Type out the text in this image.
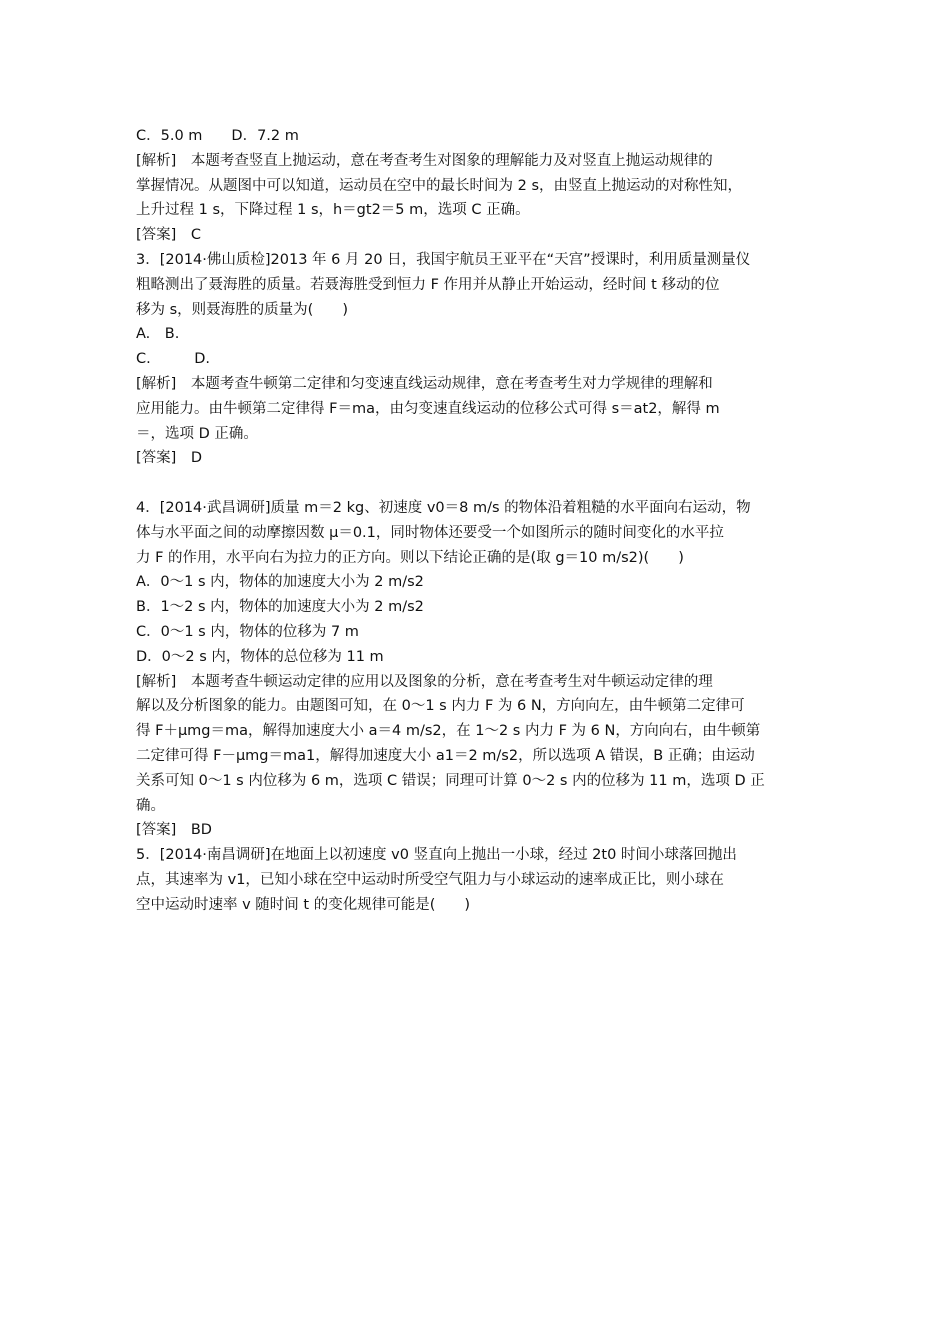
C．5.0 m　　D．7.2 m
[解析]　本题考查竖直上抛运动，意在考查考生对图象的理解能力及对竖直上抛运动规律的
掌握情况。从题图中可以知道，运动员在空中的最长时间为 2 s，由竖直上抛运动的对称性知，
上升过程 1 s，下降过程 1 s，h＝gt2＝5 m，选项 C 正确。
[答案]　C
3．[2014·佛山质检]2013 年 6 月 20 日，我国宇航员王亚平在“天宫”授课时，利用质量测量仪
粗略测出了聂海胜的质量。若聂海胜受到恒力 F 作用并从静止开始运动，经时间 t 移动的位
移为 s，则聂海胜的质量为(　　)
A.　B.
C.　　　D.
[解析]　本题考查牛顿第二定律和匀变速直线运动规律，意在考查考生对力学规律的理解和
应用能力。由牛顿第二定律得 F＝ma，由匀变速直线运动的位移公式可得 s＝at2，解得 m
＝，选项 D 正确。
[答案]　D
4．[2014·武昌调研]质量 m＝2 kg、初速度 v0＝8 m/s 的物体沿着粗糙的水平面向右运动，物
体与水平面之间的动摩擦因数 μ＝0.1，同时物体还要受一个如图所示的随时间变化的水平拉
力 F 的作用，水平向右为拉力的正方向。则以下结论正确的是(取 g＝10 m/s2)(　　)
A．0～1 s 内，物体的加速度大小为 2 m/s2
B．1～2 s 内，物体的加速度大小为 2 m/s2
C．0～1 s 内，物体的位移为 7 m
D．0～2 s 内，物体的总位移为 11 m
[解析]　本题考查牛顿运动定律的应用以及图象的分析，意在考查考生对牛顿运动定律的理
解以及分析图象的能力。由题图可知，在 0～1 s 内力 F 为 6 N，方向向左，由牛顿第二定律可
得 F＋μmg＝ma，解得加速度大小 a＝4 m/s2，在 1～2 s 内力 F 为 6 N，方向向右，由牛顿第
二定律可得 F－μmg＝ma1，解得加速度大小 a1＝2 m/s2，所以选项 A 错误，B 正确；由运动
关系可知 0～1 s 内位移为 6 m，选项 C 错误；同理可计算 0～2 s 内的位移为 11 m，选项 D 正
确。
[答案]　BD
5．[2014·南昌调研]在地面上以初速度 v0 竖直向上抛出一小球，经过 2t0 时间小球落回抛出
点，其速率为 v1，已知小球在空中运动时所受空气阻力与小球运动的速率成正比，则小球在
空中运动时速率 v 随时间 t 的变化规律可能是(　　)
